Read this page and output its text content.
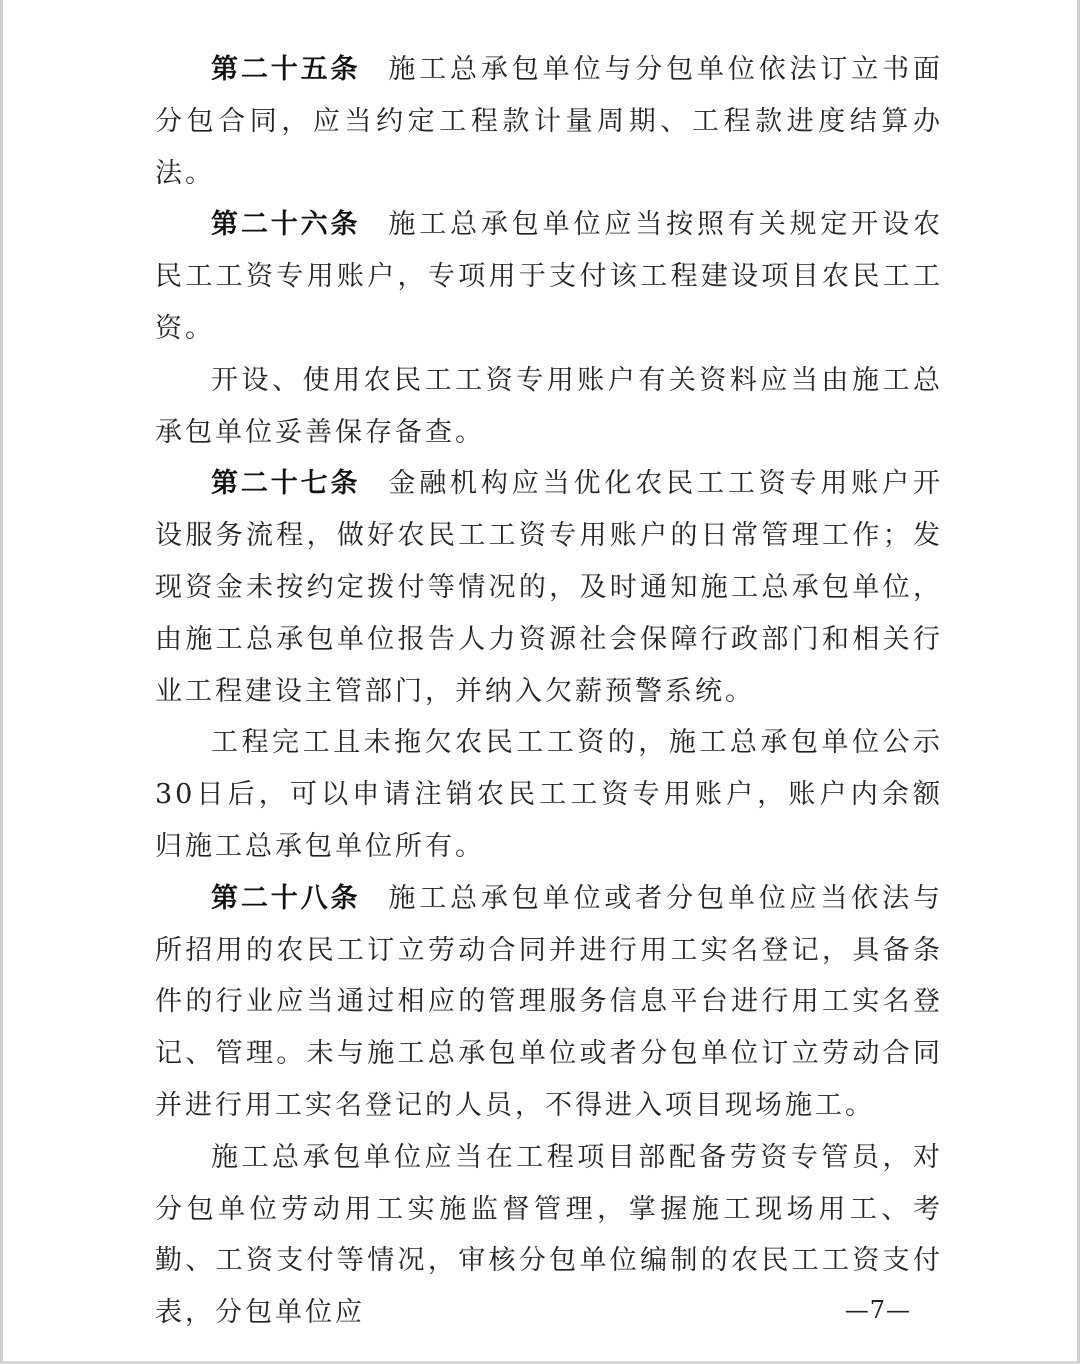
第二十五条 施工总承包单位与分包单位依法订立书面分包合同，应当约定工程款计量周期、工程款进度结算办法。

第二十六条 施工总承包单位应当按照有关规定开设农民工工资专用账户，专项用于支付该工程建设项目农民工工资。

开设、使用农民工工资专用账户有关资料应当由施工总承包单位妥善保存备查。

第二十七条 金融机构应当优化农民工工资专用账户开设服务流程，做好农民工工资专用账户的日常管理工作；发现资金未按约定拨付等情况的，及时通知施工总承包单位，由施工总承包单位报告人力资源社会保障行政部门和相关行业工程建设主管部门，并纳入欠薪预警系统。

工程完工且未拖欠农民工工资的，施工总承包单位公示30日后，可以申请注销农民工工资专用账户，账户内余额归施工总承包单位所有。

第二十八条 施工总承包单位或者分包单位应当依法与所招用的农民工订立劳动合同并进行用工实名登记，具备条件的行业应当通过相应的管理服务信息平台进行用工实名登记、管理。未与施工总承包单位或者分包单位订立劳动合同并进行用工实名登记的人员，不得进入项目现场施工。

施工总承包单位应当在工程项目部配备劳资专管员，对分包单位劳动用工实施监督管理，掌握施工现场用工、考勤、工资支付等情况，审核分包单位编制的农民工工资支付表，分包单位应	—7—
